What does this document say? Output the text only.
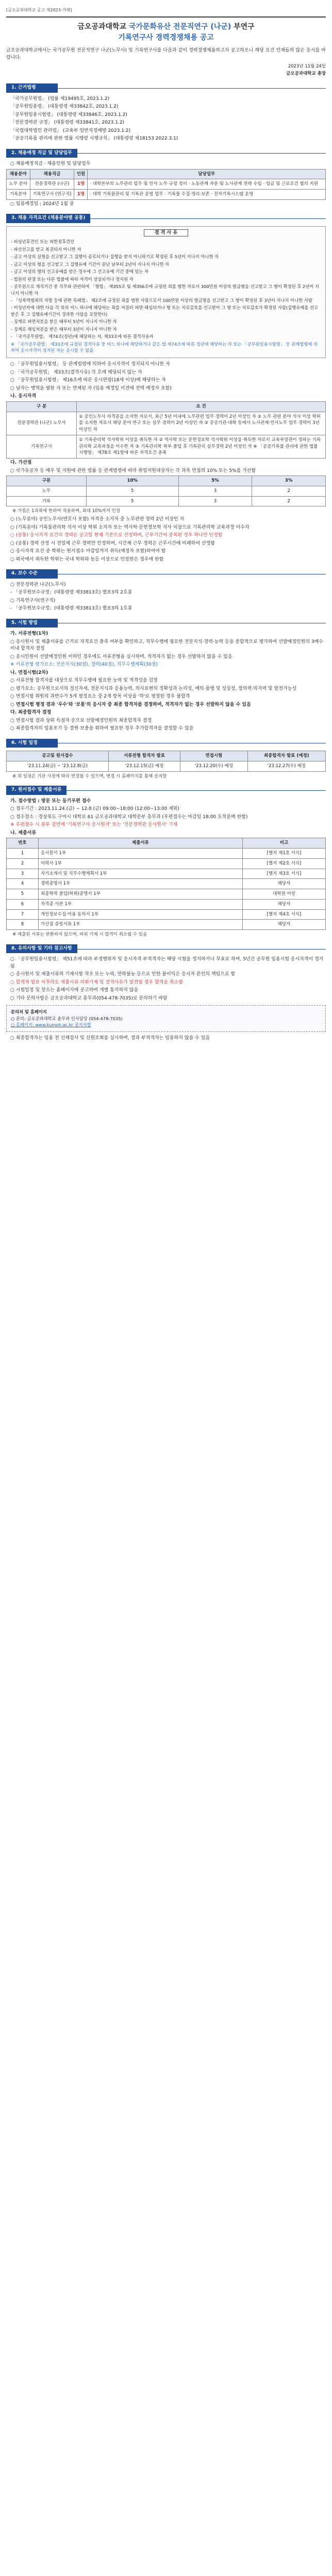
[금오공과대학교 공고 제2023-가례]
금오공과대학교 국가문화유산 전문직연구 (나군) 부연구
기록연구사 경력경쟁채용 공고
금오공과대학교에서는 국가공무원 전문직연구 나군(노무사) 및 기록연구사를 다음과 같이 경력경쟁채용하고자 공고하오니 해당 요건 인재들의 많은 응시를 바랍니다.
2023년 11월 24일
금오공과대학교 총장
1. 근거법령
「국가공무원법」 (법률 제19495호, 2023.1.2)
「공무원임용령」 (대통령령 제33842호, 2023.1.2)
「공무원임용시험령」 (대통령령 제33846호, 2023.1.2)
「전문경력관 규정」 (대통령령 제33841호, 2023.1.2)
「국립대학법인 관리법」 (교육부 일반지정예방 2023.1.2)
「공공기록물 관리에 관한 법률 시행령 시행규칙」 (대통령령 제18153 2022.3.1)
2. 채용예정 직급 및 담당업무
○ 채용예정직급 · 채용인원 및 담당업무
채용분야	채용직급	인원	담당업무
노무 분야	전문경력관 (나군)	1명	· 대학본부의 노무관리 업무 및 인사 노무 규정 정비 · 노동관계 자문 및 노사관계 전략 수립 · 임금 및 근로조건 협의 지원
기록분야	기록연구사 (연구직)	1명	· 대학 기록물관리 및 기록관 운영 업무 · 기록물 수집·정리·보존 · 전자기록시스템 운영
○ 임용예정일 : 2024년 1월 중
3. 채용 자격요건 (채용분야별 공통)
결 격 사 유
- 피성년후견인 또는 피한정후견인
- 파산선고를 받고 복권되지 아니한 자
- 금고 이상의 실형을 선고받고 그 집행이 종료되거나 집행을 받지 아니하기로 확정된 후 5년이 지나지 아니한 자
- 금고 이상의 형을 선고받고 그 집행유예 기간이 끝난 날부터 2년이 지나지 아니한 자
- 금고 이상의 형의 선고유예를 받은 경우에 그 선고유예 기간 중에 있는 자
- 법원의 판결 또는 다른 법률에 따라 자격이 상실되거나 정지된 자
- 공무원으로 재직기간 중 직무와 관련하여 「형법」 제355조 및 제356조에 규정된 죄를 범한 자로서 300만원 이상의 벌금형을 선고받고 그 형이 확정된 후 2년이 지나지 아니한 자
- 「성폭력범죄의 처벌 등에 관한 특례법」 제2조에 규정된 죄를 범한 사람으로서 100만원 이상의 벌금형을 선고받고 그 형이 확정된 후 3년이 지나지 아니한 사람
- 미성년자에 대한 다음 각 목의 어느 하나에 해당하는 죄를 저질러 파면·해임되거나 형 또는 치료감호를 선고받아 그 형 또는 치료감호가 확정된 사람(집행유예를 선고받은 후 그 집행유예기간이 경과한 사람을 포함한다)
- 징계로 파면처분을 받은 때부터 5년이 지나지 아니한 자
- 징계로 해임처분을 받은 때부터 3년이 지나지 아니한 자
- 「국가공무원법」 제74조(정년)에 해당하는 자, 제33조에 따른 결격사유자
※ 「국가공무원법」 제33조에 규정된 결격사유 중 어느 하나에 해당하거나 같은 법 제74조에 따른 정년에 해당하는 자 또는 「공무원임용시험령」 등 관계법령에 의하여 응시자격이 정지된 자는 응시할 수 없음
○ 「공무원임용시험령」 등 관계법령에 의하여 응시자격이 정지되지 아니한 자
○ 「국가공무원법」 제33조(결격사유) 각 호에 해당되지 않는 자
○ 「공무원임용시험령」 제16조에 따른 응시연령(18세 이상)에 해당하는 자
○ 남자는 병역을 필한 자 또는 면제된 자 (임용 예정일 이전에 전역 예정자 포함)
나. 응시자격
구 분	요 건
전문경력관 (나군) 노무사	① 공인노무사 자격증을 소지한 자로서, 최근 5년 이내에 노무관련 업무 경력이 2년 이상인 자 ② 노무 관련 분야 석사 이상 학위를 소지한 자로서 해당 분야 연구 또는 실무 경력이 2년 이상인 자 ③ 공공기관·대학 등에서 노사관계·인사노무 업무 경력이 3년 이상인 자
기록연구사	① 기록관리학 석사학위 이상을 취득한 자 ② 역사학 또는 문헌정보학 석사학위 이상을 취득한 자로서 교육부장관이 정하는 기록관리학 교육과정을 이수한 자 ③ 기록관리학 학부 졸업 후 기록관리 실무경력 2년 이상인 자 ※ 「공공기록물 관리에 관한 법률 시행령」 제78조 제1항에 따른 자격요건 충족
다. 가산점
○ 국가유공자 등 예우 및 지원에 관한 법률 등 관계법령에 따라 취업지원대상자는 각 과목 만점의 10% 또는 5%를 가산함
구분	10%	5%	3%
노무	5	3	2
기록	5	3	2
※ 가점은 1과목에 한하여 적용하며, 최대 10%까지 인정
○ (노무분야) 공인노무사(변호사 포함) 자격증 소지자 중 노무관련 경력 2년 이상인 자
○ (기록분야) 기록물관리학 석사 이상 학위 소지자 또는 역사학·문헌정보학 석사 이상으로 기록관리학 교육과정 이수자
○ (공통) 응시자격 요건의 경력은 공고일 현재 기준으로 산정하며, 근무기간이 중복된 경우 하나만 인정함
○ (공통) 경력 산정 시 전일제 근무 경력만 인정하며, 시간제 근무 경력은 근무시간에 비례하여 산정함
○ 응시자격 요건 중 학위는 원서접수 마감일까지 취득(예정자 포함)하여야 함
○ 외국에서 취득한 학위는 국내 학위와 동등 이상으로 인정받은 경우에 한함
4. 보수 수준
○ 전문경력관 나군(노무사)
- 「공무원보수규정」(대통령령 제33813호) 별표3의 2호봉
○ 기록연구사(연구직)
- 「공무원보수규정」(대통령령 제33813호) 별표3의 1호봉
5. 시험 방법
가. 서류전형(1차)
○ 응시원서 및 제출서류를 근거로 자격요건 충족 여부를 확인하고, 직무수행에 필요한 전문지식·경력·능력 등을 종합적으로 평가하여 선발예정인원의 3배수 이내 합격자 결정
○ 응시인원이 선발예정인원 이하인 경우에도 서류전형을 실시하며, 적격자가 없는 경우 선발하지 않을 수 있음
※ 서류전형 평가요소: 전문지식(30점), 경력(40점), 직무수행계획(30점)
나. 면접시험(2차)
○ 서류전형 합격자를 대상으로 직무수행에 필요한 능력 및 적격성을 검정
○ 평가요소: 공무원으로서의 정신자세, 전문지식과 응용능력, 의사표현의 정확성과 논리성, 예의·품행 및 성실성, 창의력·의지력 및 발전가능성
○ 면접시험 위원의 과반수가 5개 평정요소 중 2개 항목 이상을 '하'로 평정한 경우 불합격
○ 면접시험 평정 결과 '우수'와 '보통'의 응시자 중 최종 합격자를 결정하며, 적격자가 없는 경우 선발하지 않을 수 있음
다. 최종합격자 결정
○ 면접시험 결과 상위 득점자 순으로 선발예정인원의 최종합격자 결정
○ 최종합격자의 임용포기 등 결원 보충을 위하여 필요한 경우 추가합격자를 결정할 수 있음
6. 시험 일정
공고및 원서접수	서류전형 합격자 발표	면접시험	최종합격자 발표 (예정)
'23.11.24(금) ~ '23.12.8(금)	'23.12.15(금) 예정	'23.12.20(수) 예정	'23.12.27(수) 예정
※ 위 일정은 기관 사정에 따라 변경될 수 있으며, 변경 시 홈페이지를 통해 공지함
7. 원서접수 및 제출서류
가. 접수방법 : 방문 또는 등기우편 접수
○ 접수기간 : 2023.11.24.(금) ~ 12.8.(금) 09:00~18:00 (12:00~13:00 제외)
○ 접수장소 : 경상북도 구미시 대학로 61 금오공과대학교 대학본부 총무과 (우편접수는 마감일 18:00 도착분에 한함)
※ 우편접수 시 봉투 겉면에 '기록연구사 응시원서' 또는 '전문경력관 응시원서' 기재
나. 제출서류
번호	제출서류	비고
1	응시원서 1부	[별지 제1호 서식]
2	이력서 1부	[별지 제2호 서식]
3	자기소개서 및 직무수행계획서 1부	[별지 제3호 서식]
4	경력증명서 1부	해당자
5	최종학력 졸업(학위)증명서 1부	대학원 이상
6	자격증 사본 1부	해당자
7	개인정보수집·이용 동의서 1부	[별지 제4호 서식]
8	가산점 증빙서류 1부	해당자
※ 제출된 서류는 반환하지 않으며, 허위 기재 시 합격이 취소될 수 있음
8. 유의사항 및 기타 참고사항
○ 「공무원임용시험령」 제51조에 따라 부정행위자 및 응시자격 부적격자는 해당 시험을 정지하거나 무효로 하며, 5년간 공무원 임용시험 응시자격이 정지됨
○ 응시원서 및 제출서류의 기재사항 착오 또는 누락, 연락불능 등으로 인한 불이익은 응시자 본인의 책임으로 함
○ 합격자 발표 이후라도 제출서류 허위기재 및 결격사유가 발견될 경우 합격을 취소함
○ 시험일정 및 장소는 홈페이지에 공고하며 개별 통지하지 않음
○ 기타 문의사항은 금오공과대학교 총무과(054-478-7035)로 문의하기 바람
문의처 및 홈페이지
○ 문의: 금오공과대학교 총무과 인사담당 (054-478-7035)
○ 홈페이지: www.kumoh.ac.kr 공지사항
○ 최종합격자는 임용 전 신체검사 및 신원조회를 실시하며, 결과 부적격자는 임용하지 않을 수 있음
